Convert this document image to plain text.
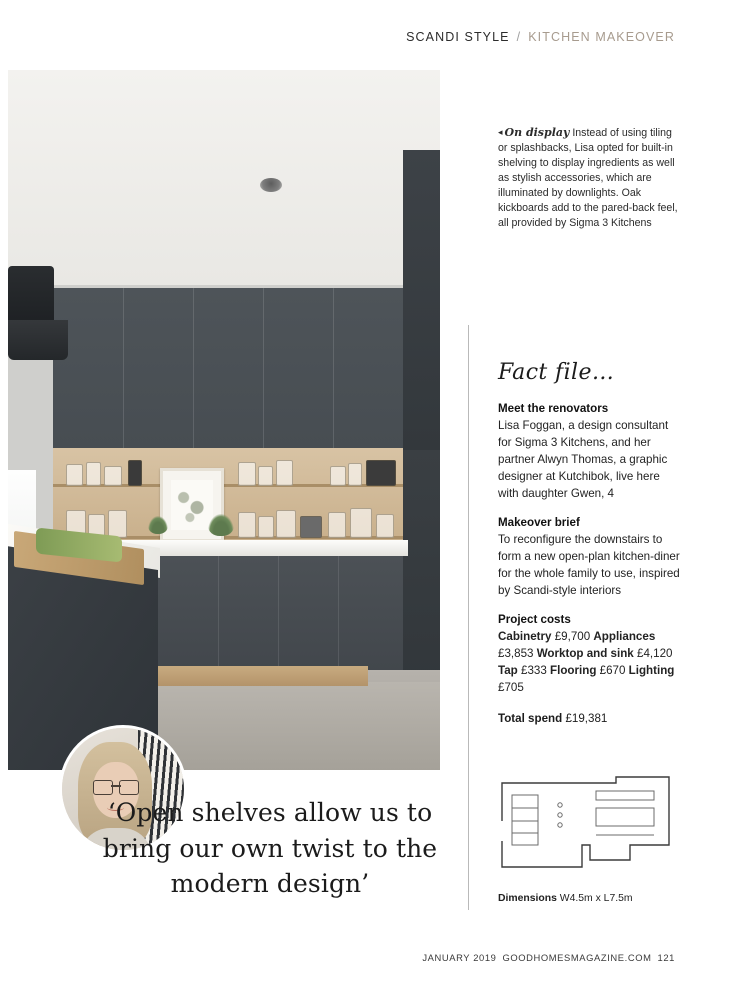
SCANDI STYLE / KITCHEN MAKEOVER
◂ On display Instead of using tiling or splashbacks, Lisa opted for built-in shelving to display ingredients as well as stylish accessories, which are illuminated by downlights. Oak kickboards add to the pared-back feel, all provided by Sigma 3 Kitchens
Fact file…
Meet the renovators
Lisa Foggan, a design consultant for Sigma 3 Kitchens, and her partner Alwyn Thomas, a graphic designer at Kutchibok, live here with daughter Gwen, 4
Makeover brief
To reconfigure the downstairs to form a new open-plan kitchen-diner for the whole family to use, inspired by Scandi-style interiors
Project costs
Cabinetry £9,700 Appliances £3,853 Worktop and sink £4,120 Tap £333 Flooring £670 Lighting £705
Total spend £19,381
Dimensions W4.5m x L7.5m
‘Open shelves allow us to bring our own twist to the modern design’
JANUARY 2019 GOODHOMESMAGAZINE.COM 121
